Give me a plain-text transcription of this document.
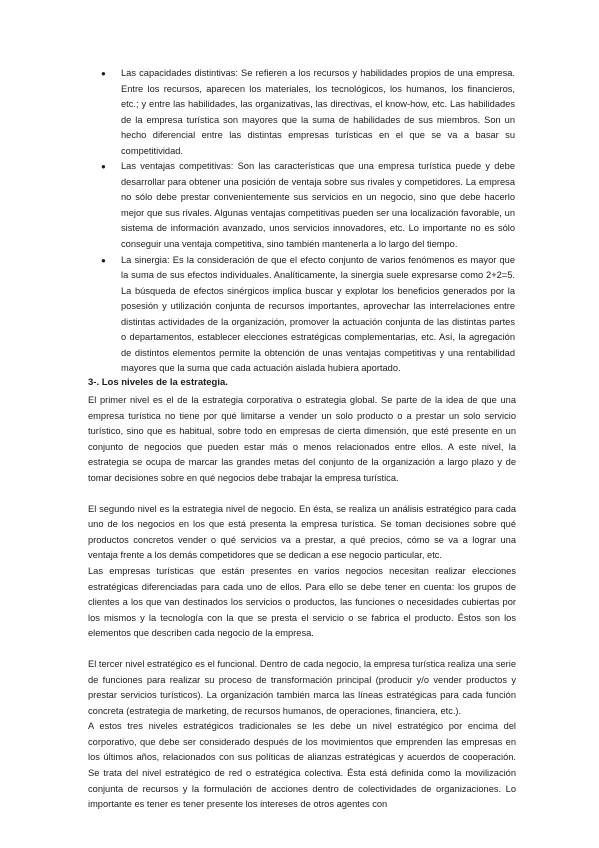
● Las capacidades distintivas: Se refieren a los recursos y habilidades propios de una empresa. Entre los recursos, aparecen los materiales, los tecnológicos, los humanos, los financieros, etc.; y entre las habilidades, las organizativas, las directivas, el know-how, etc. Las habilidades de la empresa turística son mayores que la suma de habilidades de sus miembros. Son un hecho diferencial entre las distintas empresas turísticas en el que se va a basar su competitividad.
● Las ventajas competitivas: Son las características que una empresa turística puede y debe desarrollar para obtener una posición de ventaja sobre sus rivales y competidores. La empresa no sólo debe prestar convenientemente sus servicios en un negocio, sino que debe hacerlo mejor que sus rivales. Algunas ventajas competitivas pueden ser una localización favorable, un sistema de información avanzado, unos servicios innovadores, etc. Lo importante no es sólo conseguir una ventaja competitiva, sino también mantenerla a lo largo del tiempo.
● La sinergia: Es la consideración de que el efecto conjunto de varios fenómenos es mayor que la suma de sus efectos individuales. Analíticamente, la sinergia suele expresarse como 2+2=5. La búsqueda de efectos sinérgicos implica buscar y explotar los beneficios generados por la posesión y utilización conjunta de recursos importantes, aprovechar las interrelaciones entre distintas actividades de la organización, promover la actuación conjunta de las distintas partes o departamentos, establecer elecciones estratégicas complementarias, etc. Así, la agregación de distintos elementos permite la obtención de unas ventajas competitivas y una rentabilidad mayores que la suma que cada actuación aislada hubiera aportado.
3-. Los niveles de la estrategia.

El primer nivel es el de la estrategia corporativa o estrategia global. Se parte de la idea de que una empresa turística no tiene por qué limitarse a vender un solo producto o a prestar un solo servicio turístico, sino que es habitual, sobre todo en empresas de cierta dimensión, que esté presente en un conjunto de negocios que pueden estar más o menos relacionados entre ellos. A este nivel, la estrategia se ocupa de marcar las grandes metas del conjunto de la organización a largo plazo y de tomar decisiones sobre en qué negocios debe trabajar la empresa turística.

El segundo nivel es la estrategia nivel de negocio. En ésta, se realiza un análisis estratégico para cada uno de los negocios en los que está presenta la empresa turística. Se toman decisiones sobre qué productos concretos vender o qué servicios va a prestar, a qué precios, cómo se va a lograr una ventaja frente a los demás competidores que se dedican a ese negocio particular, etc.

Las empresas turísticas que están presentes en varios negocios necesitan realizar elecciones estratégicas diferenciadas para cada uno de ellos. Para ello se debe tener en cuenta: los grupos de clientes a los que van destinados los servicios o productos, las funciones o necesidades cubiertas por los mismos y la tecnología con la que se presta el servicio o se fabrica el producto. Éstos son los elementos que describen cada negocio de la empresa.

El tercer nivel estratégico es el funcional. Dentro de cada negocio, la empresa turística realiza una serie de funciones para realizar su proceso de transformación principal (producir y/o vender productos y prestar servicios turísticos). La organización también marca las líneas estratégicas para cada función concreta (estrategia de marketing, de recursos humanos, de operaciones, financiera, etc.).

A estos tres niveles estratégicos tradicionales se les debe un nivel estratégico por encima del corporativo, que debe ser considerado después de los movimientos que emprenden las empresas en los últimos años, relacionados con sus políticas de alianzas estratégicas y acuerdos de cooperación. Se trata del nivel estratégico de red o estratégica colectiva. Ésta está definida como la movilización conjunta de recursos y la formulación de acciones dentro de colectividades de organizaciones. Lo importante es tener es tener presente los intereses de otros agentes con
